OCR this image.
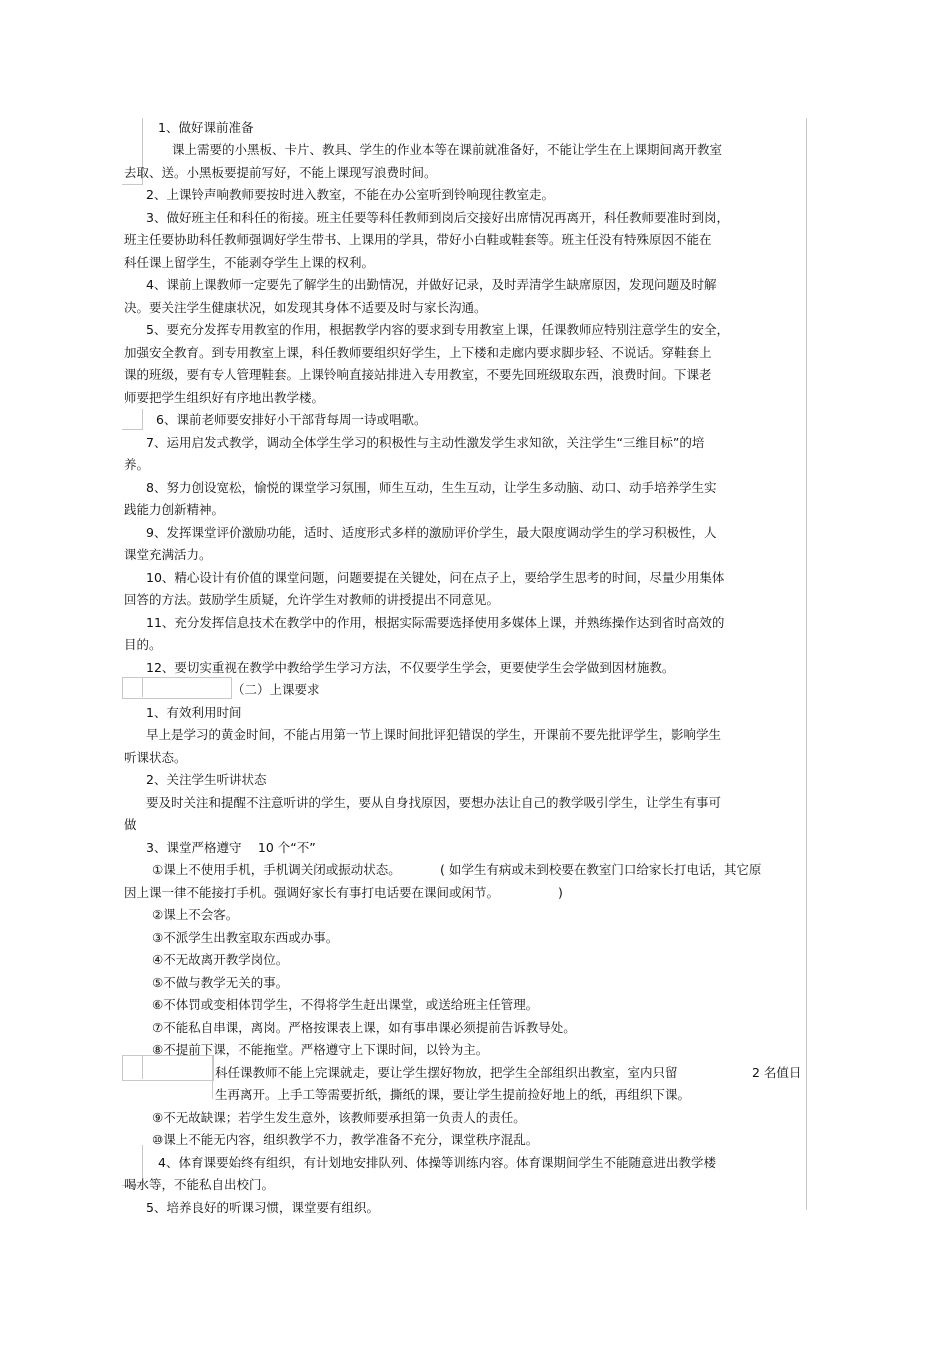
1、做好课前准备
课上需要的小黑板、卡片、教具、学生的作业本等在课前就准备好，不能让学生在上课期间离开教室
去取、送。小黑板要提前写好，不能上课现写浪费时间。
2、上课铃声响教师要按时进入教室，不能在办公室听到铃响现往教室走。
3、做好班主任和科任的衔接。班主任要等科任教师到岗后交接好出席情况再离开，科任教师要准时到岗，
班主任要协助科任教师强调好学生带书、上课用的学具，带好小白鞋或鞋套等。班主任没有特殊原因不能在
科任课上留学生，不能剥夺学生上课的权利。
4、课前上课教师一定要先了解学生的出勤情况，并做好记录，及时弄清学生缺席原因，发现问题及时解
决。要关注学生健康状况，如发现其身体不适要及时与家长沟通。
5、要充分发挥专用教室的作用，根据教学内容的要求到专用教室上课，任课教师应特别注意学生的安全，
加强安全教育。到专用教室上课，科任教师要组织好学生，上下楼和走廊内要求脚步轻、不说话。穿鞋套上
课的班级，要有专人管理鞋套。上课铃响直接站排进入专用教室，不要先回班级取东西，浪费时间。下课老
师要把学生组织好有序地出教学楼。
6、课前老师要安排好小干部背每周一诗或唱歌。
7、运用启发式教学，调动全体学生学习的积极性与主动性激发学生求知欲，关注学生“三维目标”的培
养。
8、努力创设宽松，愉悦的课堂学习氛围，师生互动，生生互动，让学生多动脑、动口、动手培养学生实
践能力创新精神。
9、发挥课堂评价激励功能，适时、适度形式多样的激励评价学生，最大限度调动学生的学习积极性，人
课堂充满活力。
10、精心设计有价值的课堂问题，问题要提在关键处，问在点子上，要给学生思考的时间，尽量少用集体
回答的方法。鼓励学生质疑，允许学生对教师的讲授提出不同意见。
11、充分发挥信息技术在教学中的作用，根据实际需要选择使用多媒体上课，并熟练操作达到省时高效的
目的。
12、要切实重视在教学中教给学生学习方法，不仅要学生学会，更要使学生会学做到因材施教。
（二）上课要求
1、有效利用时间
早上是学习的黄金时间，不能占用第一节上课时间批评犯错误的学生，开课前不要先批评学生，影响学生
听课状态。
2、关注学生听讲状态
要及时关注和提醒不注意听讲的学生，要从自身找原因，要想办法让自己的教学吸引学生，让学生有事可
做
3、课堂严格遵守　 10 个“不”
①课上不使用手机，手机调关闭或振动状态。	( 如学生有病或未到校要在教室门口给家长打电话，其它原
因上课一律不能接打手机。强调好家长有事打电话要在课间或闲节。	)
②课上不会客。
③不派学生出教室取东西或办事。
④不无故离开教学岗位。
⑤不做与教学无关的事。
⑥不体罚或变相体罚学生，不得将学生赶出课堂，或送给班主任管理。
⑦不能私自串课，离岗。严格按课表上课，如有事串课必须提前告诉教导处。
⑧不提前下课，不能拖堂。严格遵守上下课时间，以铃为主。
科任课教师不能上完课就走，要让学生摆好物放，把学生全部组织出教室，室内只留	2 名值日
生再离开。上手工等需要折纸，撕纸的课，要让学生提前捡好地上的纸，再组织下课。
⑨不无故缺课；若学生发生意外，该教师要承担第一负责人的责任。
⑩课上不能无内容，组织教学不力，教学准备不充分，课堂秩序混乱。
4、体育课要始终有组织，有计划地安排队列、体操等训练内容。体育课期间学生不能随意进出教学楼
喝水等，不能私自出校门。
5、培养良好的听课习惯，课堂要有组织。
